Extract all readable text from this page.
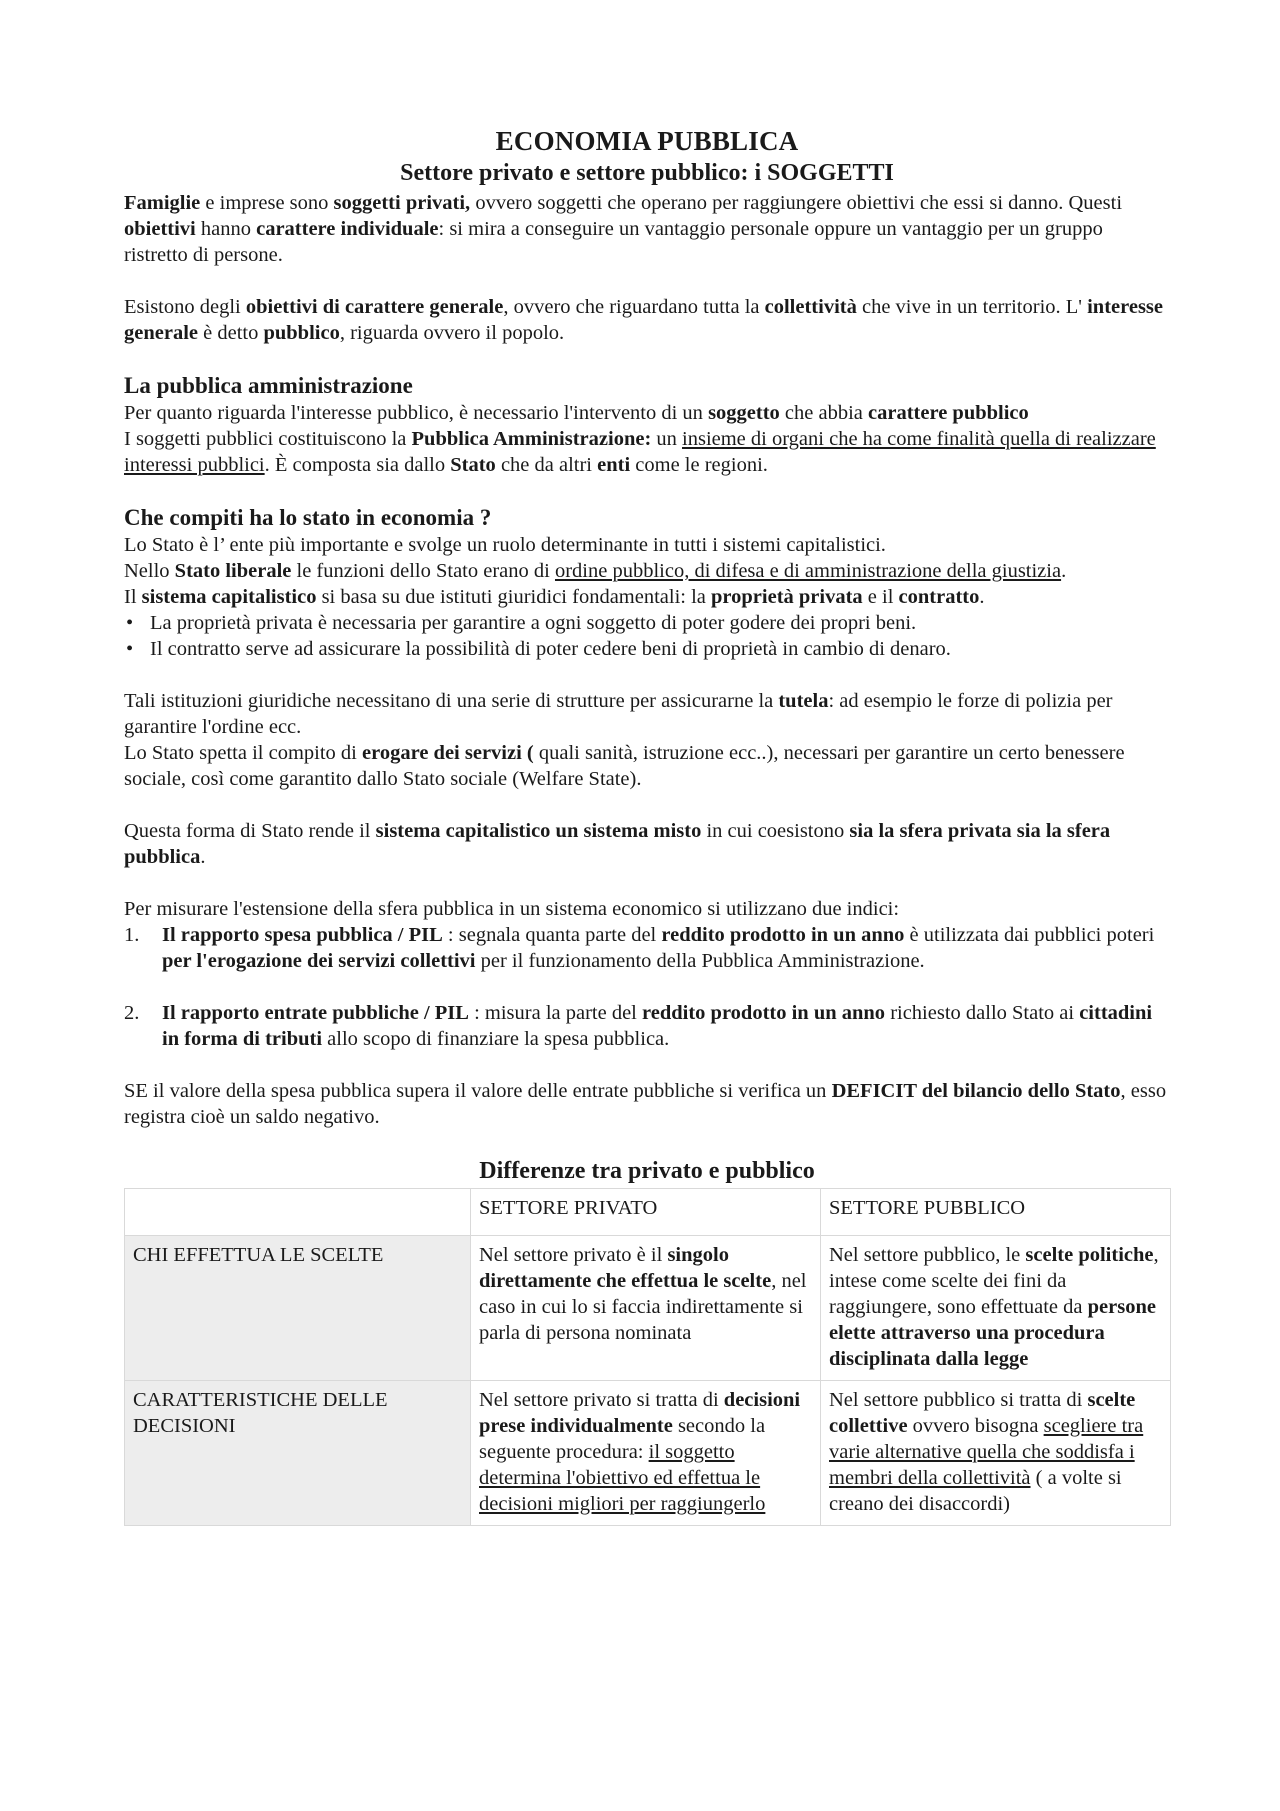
ECONOMIA PUBBLICA
Settore privato e settore pubblico: i SOGGETTI

Famiglie e imprese sono soggetti privati, ovvero soggetti che operano per raggiungere obiettivi che essi si danno. Questi obiettivi hanno carattere individuale: si mira a conseguire un vantaggio personale oppure un vantaggio per un gruppo ristretto di persone.

Esistono degli obiettivi di carattere generale, ovvero che riguardano tutta la collettività che vive in un territorio. L' interesse generale è detto pubblico, riguarda ovvero il popolo.

La pubblica amministrazione

Per quanto riguarda l'interesse pubblico, è necessario l'intervento di un soggetto che abbia carattere pubblico

I soggetti pubblici costituiscono la Pubblica Amministrazione: un insieme di organi che ha come finalità quella di realizzare interessi pubblici. È composta sia dallo Stato che da altri enti come le regioni.

Che compiti ha lo stato in economia ?

Lo Stato è l’ ente più importante e svolge un ruolo determinante in tutti i sistemi capitalistici.

Nello Stato liberale le funzioni dello Stato erano di ordine pubblico, di difesa e di amministrazione della giustizia.

Il sistema capitalistico si basa su due istituti giuridici fondamentali: la proprietà privata e il contratto.

• La proprietà privata è necessaria per garantire a ogni soggetto di poter godere dei propri beni.
• Il contratto serve ad assicurare la possibilità di poter cedere beni di proprietà in cambio di denaro.

Tali istituzioni giuridiche necessitano di una serie di strutture per assicurarne la tutela: ad esempio le forze di polizia per garantire l'ordine ecc.

Lo Stato spetta il compito di erogare dei servizi ( quali sanità, istruzione ecc..), necessari per garantire un certo benessere sociale, così come garantito dallo Stato sociale (Welfare State).

Questa forma di Stato rende il sistema capitalistico un sistema misto in cui coesistono sia la sfera privata sia la sfera pubblica.

Per misurare l'estensione della sfera pubblica in un sistema economico si utilizzano due indici:

1. Il rapporto spesa pubblica / PIL : segnala quanta parte del reddito prodotto in un anno è utilizzata dai pubblici poteri per l'erogazione dei servizi collettivi per il funzionamento della Pubblica Amministrazione.
2. Il rapporto entrate pubbliche / PIL : misura la parte del reddito prodotto in un anno richiesto dallo Stato ai cittadini in forma di tributi allo scopo di finanziare la spesa pubblica.

SE il valore della spesa pubblica supera il valore delle entrate pubbliche si verifica un DEFICIT del bilancio dello Stato, esso registra cioè un saldo negativo.

Differenze tra privato e pubblico
	SETTORE PRIVATO	SETTORE PUBBLICO
CHI EFFETTUA LE SCELTE	Nel settore privato è il singolo direttamente che effettua le scelte, nel caso in cui lo si faccia indirettamente si parla di persona nominata	Nel settore pubblico, le scelte politiche, intese come scelte dei fini da raggiungere, sono effettuate da persone elette attraverso una procedura disciplinata dalla legge
CARATTERISTICHE DELLE DECISIONI	Nel settore privato si tratta di decisioni prese individualmente secondo la seguente procedura: il soggetto determina l'obiettivo ed effettua le decisioni migliori per raggiungerlo	Nel settore pubblico si tratta di scelte collettive ovvero bisogna scegliere tra varie alternative quella che soddisfa i membri della collettività ( a volte si creano dei disaccordi)
